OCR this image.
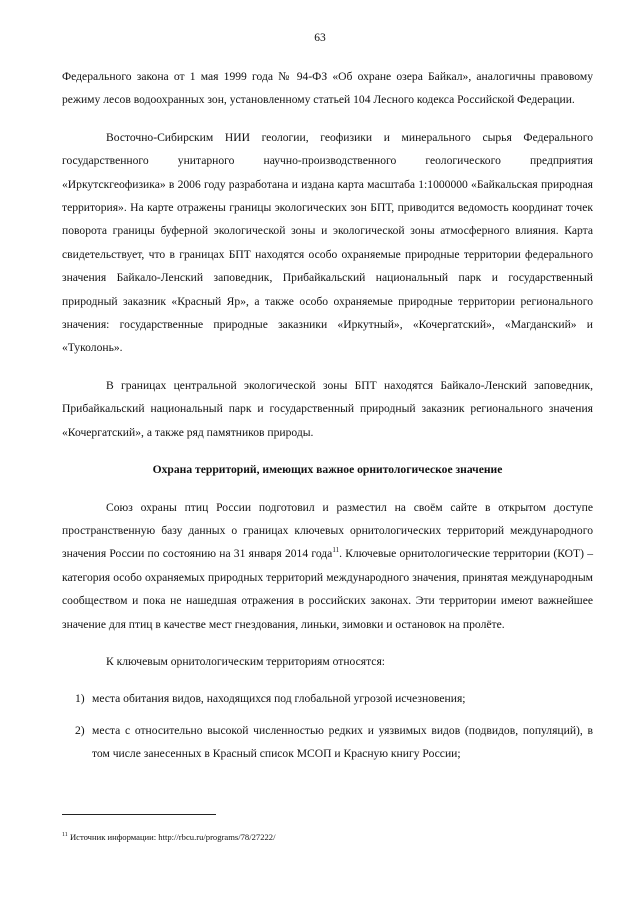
63

Федерального закона от 1 мая 1999 года № 94-ФЗ «Об охране озера Байкал», аналогичны правовому режиму лесов водоохранных зон, установленному статьей 104 Лесного кодекса Российской Федерации.

Восточно-Сибирским НИИ геологии, геофизики и минерального сырья Федерального государственного унитарного научно-производственного геологического предприятия «Иркутскгеофизика» в 2006 году разработана и издана карта масштаба 1:1000000 «Байкальская природная территория». На карте отражены границы экологических зон БПТ, приводится ведомость координат точек поворота границы буферной экологической зоны и экологической зоны атмосферного влияния. Карта свидетельствует, что в границах БПТ находятся особо охраняемые природные территории федерального значения Байкало-Ленский заповедник, Прибайкальский национальный парк и государственный природный заказник «Красный Яр», а также особо охраняемые природные территории регионального значения: государственные природные заказники «Иркутный», «Кочергатский», «Магданский» и «Туколонь».

В границах центральной экологической зоны БПТ находятся Байкало-Ленский заповедник, Прибайкальский национальный парк и государственный природный заказник регионального значения «Кочергатский», а также ряд памятников природы.

Охрана территорий, имеющих важное орнитологическое значение

Союз охраны птиц России подготовил и разместил на своём сайте в открытом доступе пространственную базу данных о границах ключевых орнитологических территорий международного значения России по состоянию на 31 января 2014 года$^{11}$. Ключевые орнитологические территории (КОТ) – категория особо охраняемых природных территорий международного значения, принятая международным сообществом и пока не нашедшая отражения в российских законах. Эти территории имеют важнейшее значение для птиц в качестве мест гнездования, линьки, зимовки и остановок на пролёте.

К ключевым орнитологическим территориям относятся:

1) места обитания видов, находящихся под глобальной угрозой исчезновения;
2) места с относительно высокой численностью редких и уязвимых видов (подвидов, популяций), в том числе занесенных в Красный список МСОП и Красную книгу России;
$^{11}$ Источник информации: http://rbcu.ru/programs/78/27222/
